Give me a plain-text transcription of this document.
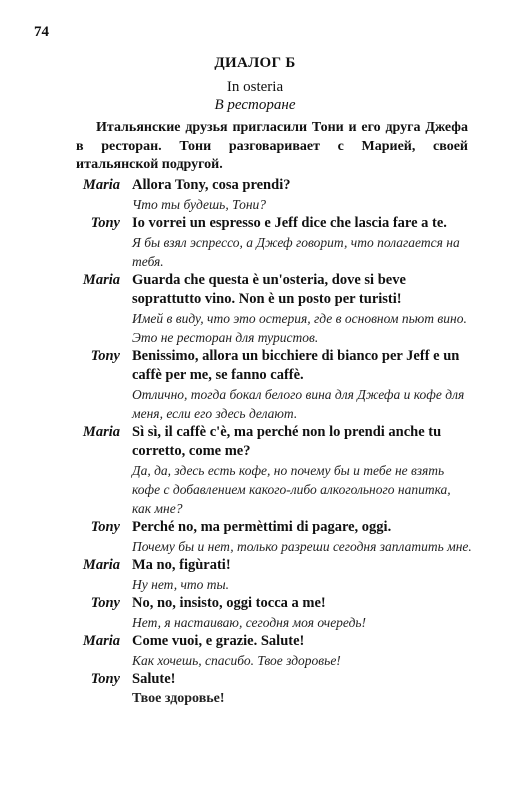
74
ДИАЛОГ Б
In osteria
В ресторане

Итальянские друзья пригласили Тони и его друга Джефа в ресторан. Тони разговаривает с Марией, своей итальянской подругой.

Maria Allora Tony, cosa prendi?
Что ты будешь, Тони?
Tony Io vorrei un espresso e Jeff dice che lascia fare a te.
Я бы взял эспрессо, а Джеф говорит, что полагается на тебя.
Maria Guarda che questa è un'osteria, dove si beve soprattutto vino. Non è un posto per turisti!
Имей в виду, что это остерия, где в основном пьют вино. Это не ресторан для туристов.
Tony Benissimo, allora un bicchiere di bianco per Jeff e un caffè per me, se fanno caffè.
Отлично, тогда бокал белого вина для Джефа и кофе для меня, если его здесь делают.
Maria Sì sì, il caffè c'è, ma perché non lo prendi anche tu corretto, come me?
Да, да, здесь есть кофе, но почему бы и тебе не взять кофе с добавлением какого-либо алкогольного напитка, как мне?
Tony Perché no, ma permèttimi di pagare, oggi.
Почему бы и нет, только разреши сегодня заплатить мне.
Maria Ma no, figùrati!
Ну нет, что ты.
Tony No, no, insisto, oggi tocca a me!
Нет, я настаиваю, сегодня моя очередь!
Maria Come vuoi, e grazie. Salute!
Как хочешь, спасибо. Твое здоровье!
Tony Salute!
Твое здоровье!
